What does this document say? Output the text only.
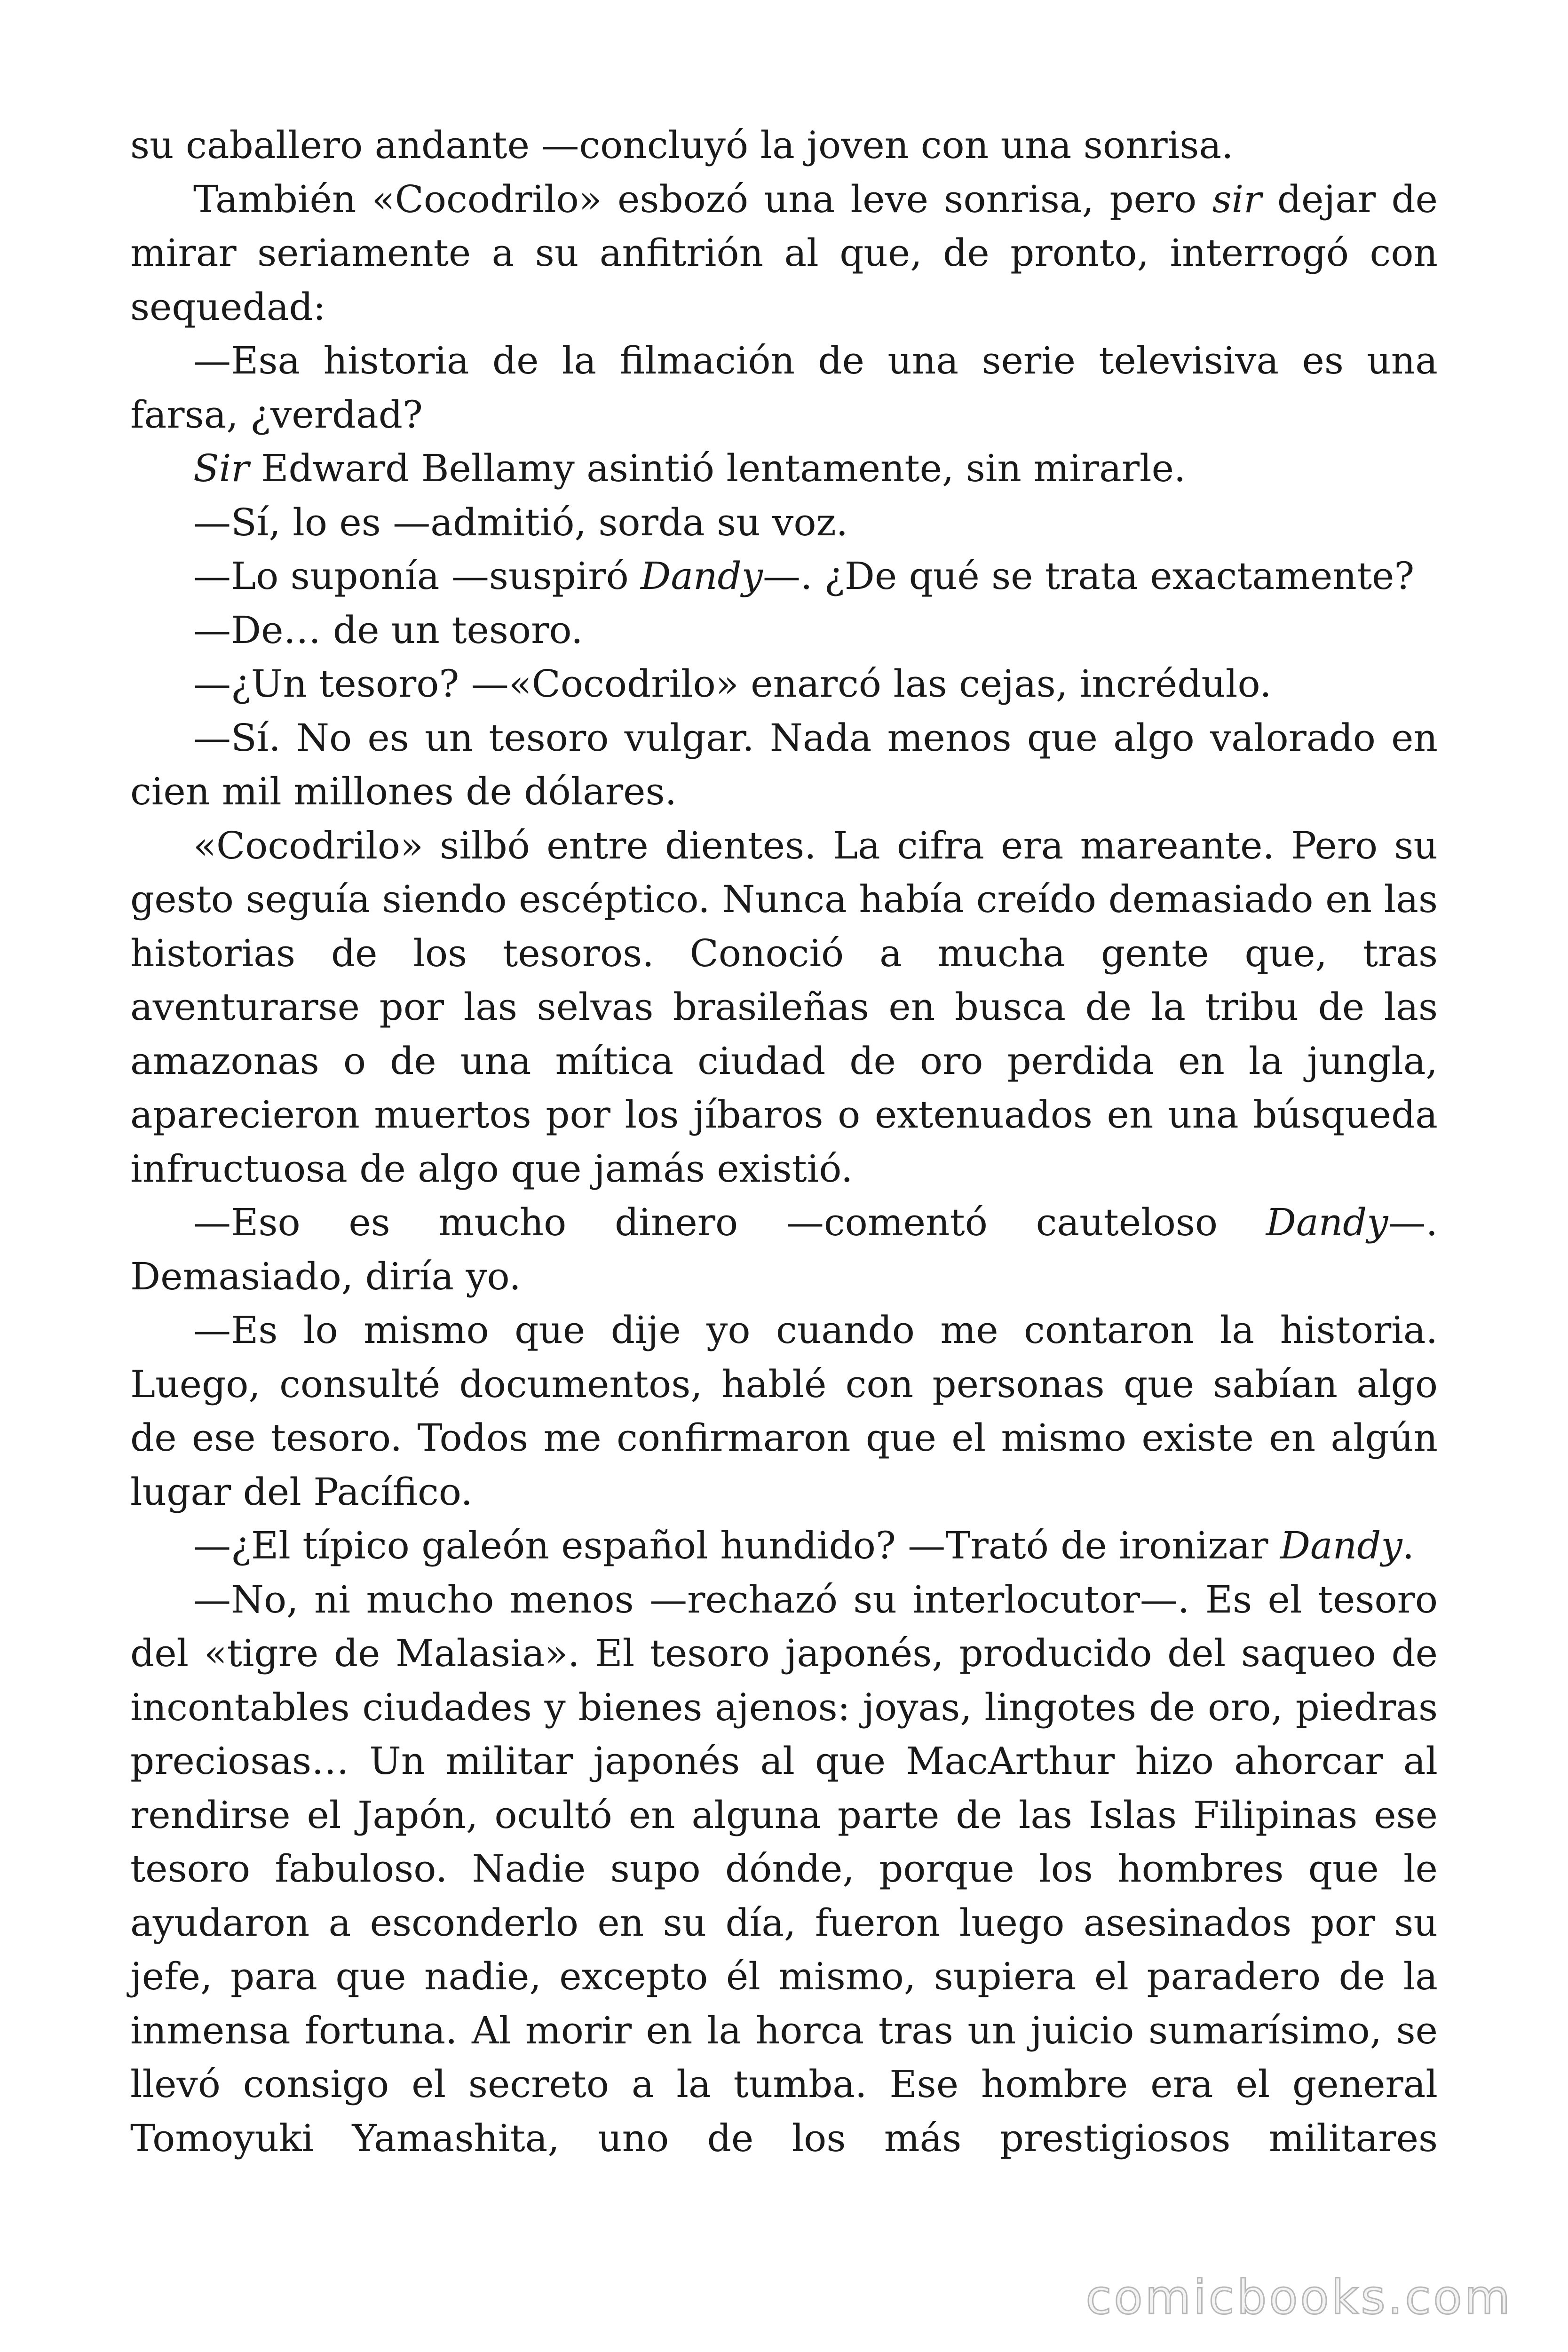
su caballero andante —concluyó la joven con una sonrisa.

También «Cocodrilo» esbozó una leve sonrisa, pero sir dejar de mirar seriamente a su anfitrión al que, de pronto, interrogó con sequedad:

—Esa historia de la filmación de una serie televisiva es una farsa, ¿verdad?

Sir Edward Bellamy asintió lentamente, sin mirarle.

—Sí, lo es —admitió, sorda su voz.

—Lo suponía —suspiró Dandy—. ¿De qué se trata exactamente?

—De… de un tesoro.

—¿Un tesoro? —«Cocodrilo» enarcó las cejas, incrédulo.

—Sí. No es un tesoro vulgar. Nada menos que algo valorado en cien mil millones de dólares.

«Cocodrilo» silbó entre dientes. La cifra era mareante. Pero su gesto seguía siendo escéptico. Nunca había creído demasiado en las historias de los tesoros. Conoció a mucha gente que, tras aventurarse por las selvas brasileñas en busca de la tribu de las amazonas o de una mítica ciudad de oro perdida en la jungla, aparecieron muertos por los jíbaros o extenuados en una búsqueda infructuosa de algo que jamás existió.

—Eso es mucho dinero —comentó cauteloso Dandy—. Demasiado, diría yo.

—Es lo mismo que dije yo cuando me contaron la historia. Luego, consulté documentos, hablé con personas que sabían algo de ese tesoro. Todos me confirmaron que el mismo existe en algún lugar del Pacífico.

—¿El típico galeón español hundido? —Trató de ironizar Dandy.

—No, ni mucho menos —rechazó su interlocutor—. Es el tesoro del «tigre de Malasia». El tesoro japonés, producido del saqueo de incontables ciudades y bienes ajenos: joyas, lingotes de oro, piedras preciosas… Un militar japonés al que MacArthur hizo ahorcar al rendirse el Japón, ocultó en alguna parte de las Islas Filipinas ese tesoro fabuloso. Nadie supo dónde, porque los hombres que le ayudaron a esconderlo en su día, fueron luego asesinados por su jefe, para que nadie, excepto él mismo, supiera el paradero de la inmensa fortuna. Al morir en la horca tras un juicio sumarísimo, se llevó consigo el secreto a la tumba. Ese hombre era el general Tomoyuki Yamashita, uno de los más prestigiosos militares

comicbooks.com
